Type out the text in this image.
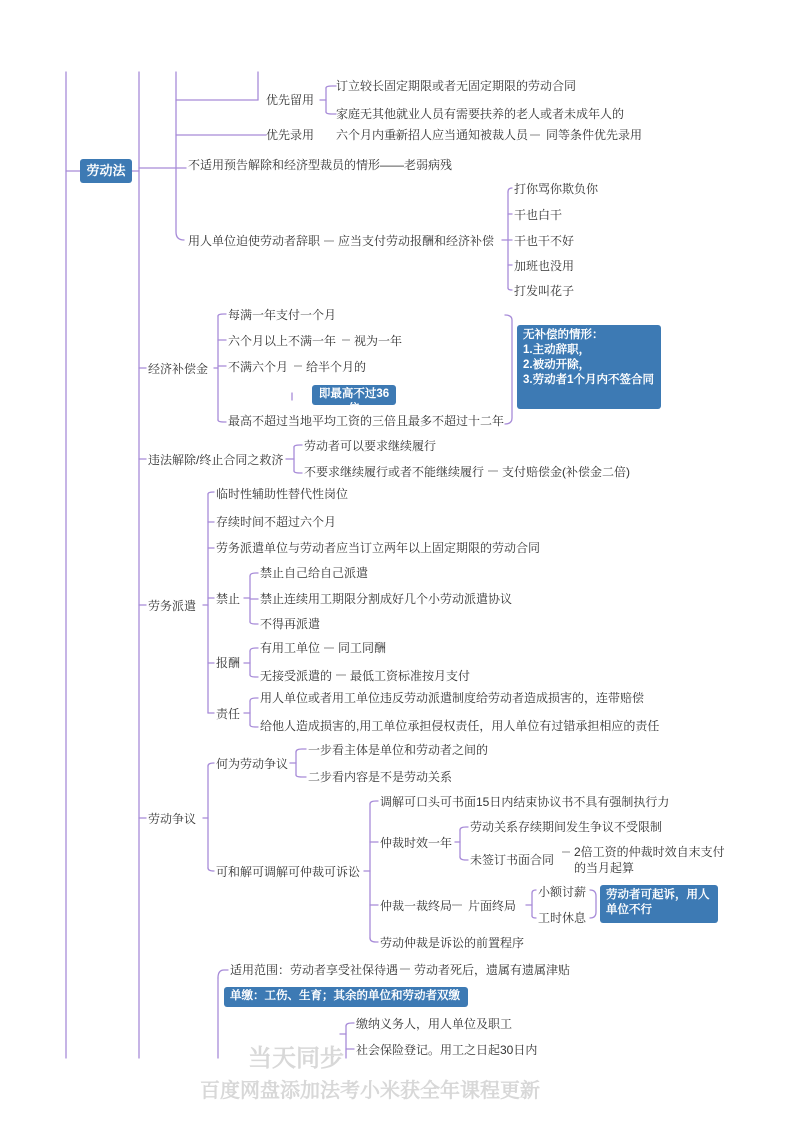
劳动法
优先留用
订立较长固定期限或者无固定期限的劳动合同
家庭无其他就业人员有需要扶养的老人或者未成年人的
优先录用 六个月内重新招人应当通知被裁人员 同等条件优先录用
不适用预告解除和经济型裁员的情形——老弱病残
用人单位迫使劳动者辞职 应当支付劳动报酬和经济补偿
打你骂你欺负你
干也白干
干也干不好
加班也没用
打发叫花子
经济补偿金
每满一年支付一个月
六个月以上不满一年 视为一年
不满六个月 给半个月的
即最高不过36倍
最高不超过当地平均工资的三倍且最多不超过十二年
无补偿的情形：
1.主动辞职，
2.被动开除，
3.劳动者1个月内不签合同
违法解除/终止合同之救济
劳动者可以要求继续履行
不要求继续履行或者不能继续履行 支付赔偿金(补偿金二倍)
劳务派遣
临时性辅助性替代性岗位
存续时间不超过六个月
劳务派遣单位与劳动者应当订立两年以上固定期限的劳动合同
禁止
禁止自己给自己派遣
禁止连续用工期限分割成好几个小劳动派遣协议
不得再派遣
报酬
有用工单位 同工同酬
无接受派遣的 最低工资标准按月支付
责任
用人单位或者用工单位违反劳动派遣制度给劳动者造成损害的，连带赔偿
给他人造成损害的,用工单位承担侵权责任，用人单位有过错承担相应的责任
劳动争议
何为劳动争议
一步看主体是单位和劳动者之间的
二步看内容是不是劳动关系
可和解可调解可仲裁可诉讼
调解可口头可书面15日内结束协议书不具有强制执行力
仲裁时效一年
劳动关系存续期间发生争议不受限制
未签订书面合同
2倍工资的仲裁时效自末支付的当月起算
仲裁一裁终局 片面终局
小额讨薪
工时休息
劳动者可起诉，用人单位不行
劳动仲裁是诉讼的前置程序
适用范围：劳动者享受社保待遇 劳动者死后，遗属有遗属津贴
单缴：工伤、生育；其余的单位和劳动者双缴
缴纳义务人，用人单位及职工
社会保险登记。用工之日起30日内
当天同步
百度网盘添加法考小米获全年课程更新
